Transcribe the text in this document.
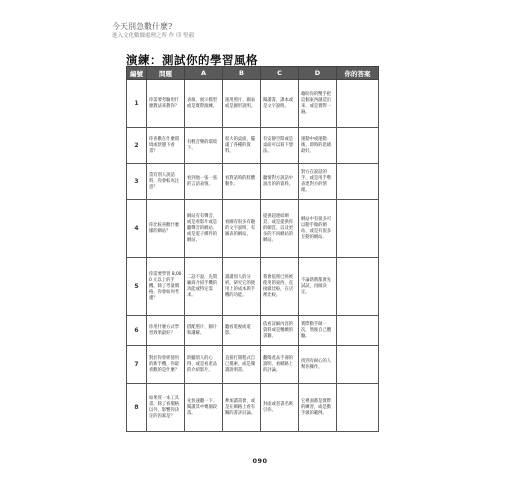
今天別急數什麼?
進入文化數據處理之所 作 印 堅毅
演練：測試你的學習風格
編號	問題	A	B	C	D	你的答案
1	你需要考驗用什麼教法來教你？	表演、展示模型或是實際演練。	運用照片、圖表或是圖形說明。	閱讀書、課本或是文字說明。	藉助你的雙手把這個東西創造出來、或是實際一遍。	
2	你喜歡在什麼環境或狀態下看書？	有輕音樂的環境下。	很大的桌面，擺滿了各種的資料。	有安靜空間或是桌面可以寫下想法。	運動中或運動後、即時的思緒最好。	
3	當有別人說話時，你會較為注意？	看到他一張一張的言語表情。	看對話時的肢體動作。	聽情對方說話中說出的的資料。	對方在說話的手、或是用手勢表達對方的情緒。	
4	你比較喜歡什麼樣的網站？	網站有有聲音、或是看影片或是聽聲音的網站，或是電子郵件的網站。	看圖有很多有趣的文字說明、有圖表的網站。	提供超連結網頁、或是提供你的網頁、以及更多的不同網站的網站。	網站中有很多可以動手做的網站、或是有很多互動的網站。	
5	你需要學習 8,000 元以上的手機，除了考量價格，你會如何考慮？	二話不說，先問廠商介紹手機的功能或特定需求。	讀讀別人的分析，研究它的使用上的成本與手機的功能。	我會依照已經被使用的東西，直接做比較，在店裡比較。	不論新舊都會先試試，再做決定。	
6	你用什麼方式學習效果最好？	搭配照片、圖片和講解。	聽看電視或電影。	依看詳細內容的資料或是精緻的書籍。	實際動手做一次，然後自己體驗。	
7	對於你曾經使用的新手機，你最喜歡的是什麼？	聆聽別人的心得、或是看產品的介紹影片。	直接打開程式自己摸索、或是閱讀說明書。	翻閱產品手冊的說明、看網路上的評論。	找到有耐心的人幫你操作。	
8	如果買一本工具書，除了看價格以外，影響你決定的因素是？	先快速翻一下，閱讀其中幾個段落。	參加讀書會、或是在網路上看有關的書評討論。	封面或者書名吸引你。	它裡面都是實際的練習、或是動手做的範例。	
090
